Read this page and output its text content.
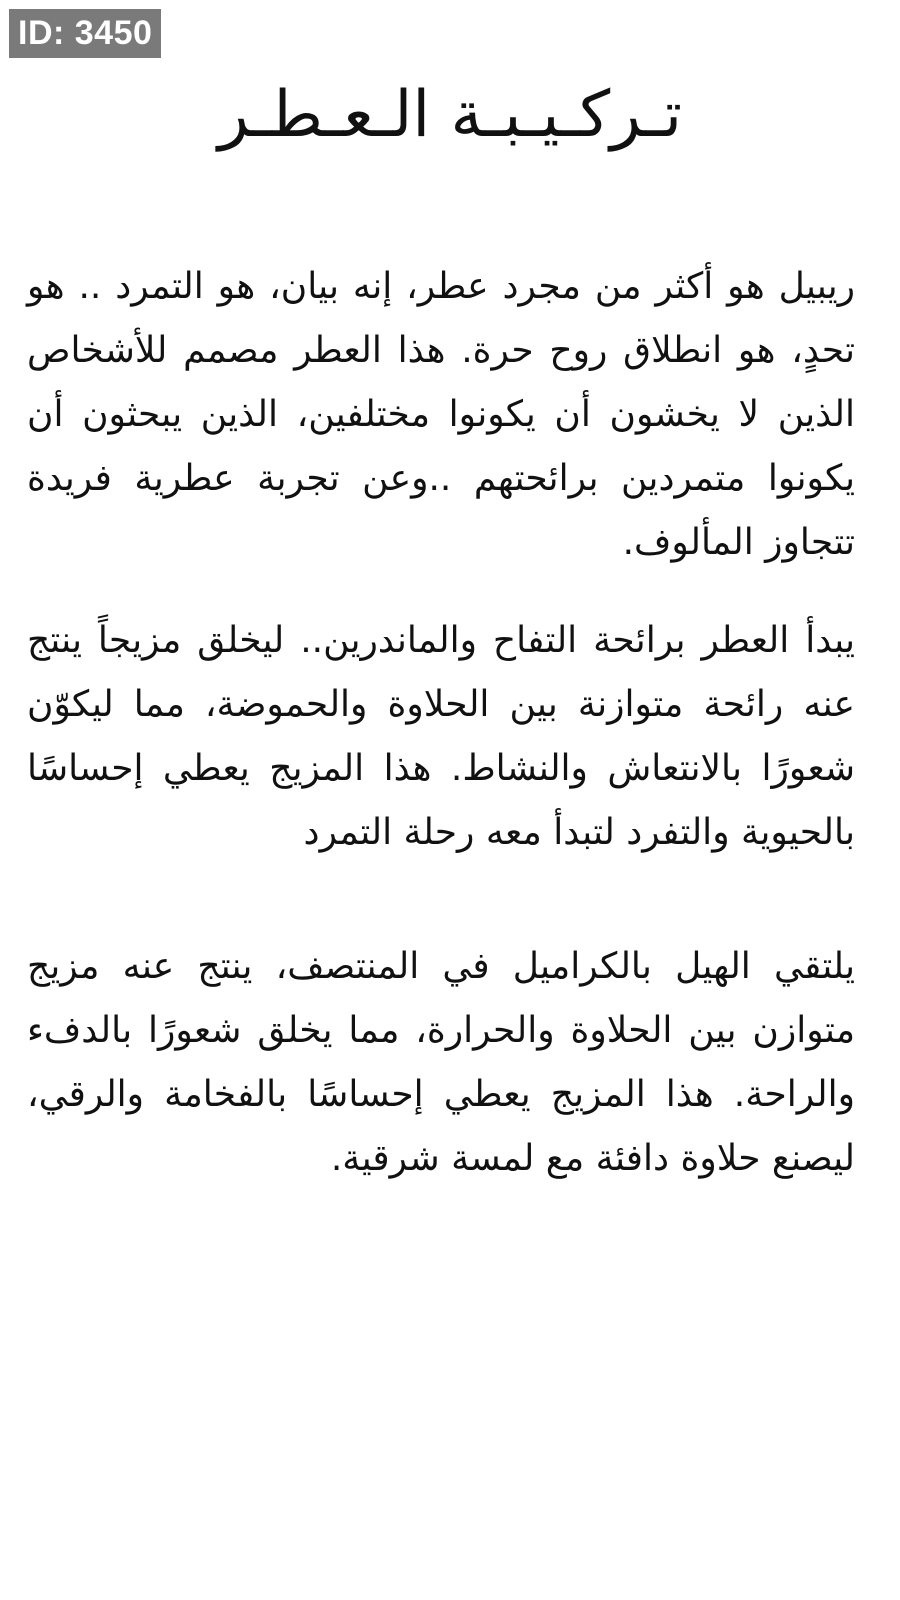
ID: 3450
تـركـيـبـة الـعـطـر

ريبيل هو أكثر من مجرد عطر، إنه بيان، هو التمرد .. هو تحدٍ، هو انطلاق روح حرة. هذا العطر مصمم للأشخاص الذين لا يخشون أن يكونوا مختلفين، الذين يبحثون أن يكونوا متمردين برائحتهم ..وعن تجربة عطرية فريدة تتجاوز المألوف.

يبدأ العطر برائحة التفاح والماندرين.. ليخلق مزيجاً ينتج عنه رائحة متوازنة بين الحلاوة والحموضة، مما ليكوّن شعورًا بالانتعاش والنشاط. هذا المزيج يعطي إحساسًا بالحيوية والتفرد لتبدأ معه رحلة التمرد

يلتقي الهيل بالكراميل في المنتصف، ينتج عنه مزيج متوازن بين الحلاوة والحرارة، مما يخلق شعورًا بالدفء والراحة. هذا المزيج يعطي إحساسًا بالفخامة والرقي، ليصنع حلاوة دافئة مع لمسة شرقية.
